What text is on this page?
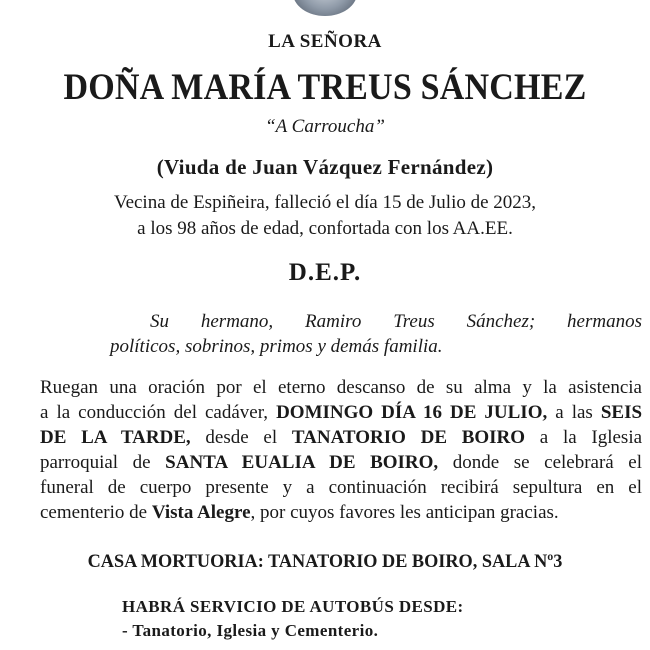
LA SEÑORA
DOÑA MARÍA TREUS SÁNCHEZ
“A Carroucha”
(Viuda de Juan Vázquez Fernández)
Vecina de Espiñeira, falleció el día 15 de Julio de 2023,
a los 98 años de edad, confortada con los AA.EE.
D.E.P.
Su hermano, Ramiro Treus Sánchez; hermanos
políticos, sobrinos, primos y demás familia.
Ruegan una oración por el eterno descanso de su alma y la asistencia
a la conducción del cadáver, DOMINGO DÍA 16 DE JULIO, a las SEIS
DE LA TARDE, desde el TANATORIO DE BOIRO a la Iglesia
parroquial de SANTA EUALIA DE BOIRO, donde se celebrará el
funeral de cuerpo presente y a continuación recibirá sepultura en el
cementerio de Vista Alegre, por cuyos favores les anticipan gracias.
CASA MORTUORIA: TANATORIO DE BOIRO, SALA Nº3
HABRÁ SERVICIO DE AUTOBÚS DESDE:
- Tanatorio, Iglesia y Cementerio.
